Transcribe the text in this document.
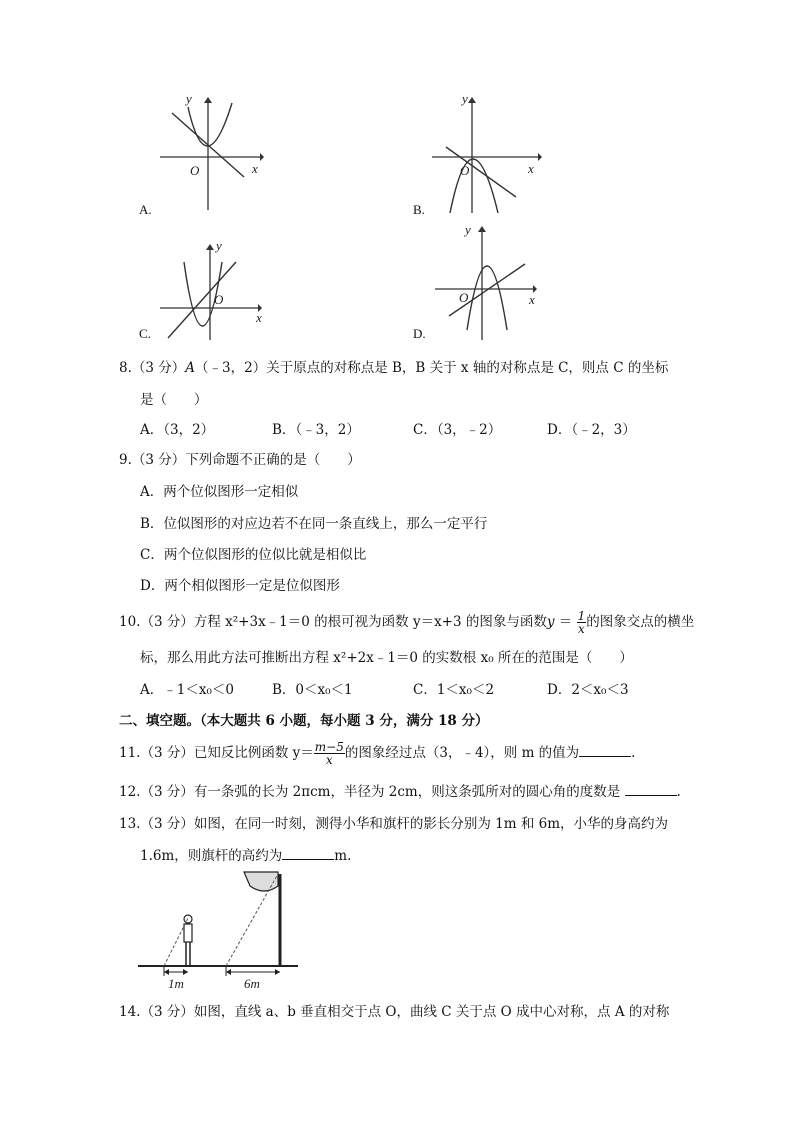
A.
y
x
O
B.
y
x
O
C.
y
x
O
D.
y
x
O
8.（3 分）A（﹣3，2）关于原点的对称点是 B，B 关于 x 轴的对称点是 C，则点 C 的坐标
是（　　）
A．（3，2）	B．（﹣3，2）	C．（3，﹣2）	D．（﹣2，3）
9.（3 分）下列命题不正确的是（　　）
A．两个位似图形一定相似
B．位似图形的对应边若不在同一条直线上，那么一定平行
C．两个位似图形的位似比就是相似比
D．两个相似图形一定是位似图形
10.（3 分）方程 x²+3x﹣1＝0 的根可视为函数 y＝x+3 的图象与函数$y = \frac{1}{x}$ 的图象交点的横坐
标，那么用此方法可推断出方程 x²+2x﹣1＝0 的实数根 x₀ 所在的范围是（　　）
A．﹣1＜x₀＜0	B．0＜x₀＜1	C．1＜x₀＜2	D．2＜x₀＜3
二、填空题。（本大题共 6 小题，每小题 3 分，满分 18 分）
11.（3 分）已知反比例函数 $y= \frac{m-5}{x}$ 的图象经过点（3，﹣4），则 m 的值为	.
12.（3 分）有一条弧的长为 2πcm，半径为 2cm，则这条弧所对的圆心角的度数是	.
13.（3 分）如图，在同一时刻，测得小华和旗杆的影长分别为 1m 和 6m，小华的身高约为
1.6m，则旗杆的高约为	m.
1m	6m
14.（3 分）如图，直线 a、b 垂直相交于点 O，曲线 C 关于点 O 成中心对称，点 A 的对称
